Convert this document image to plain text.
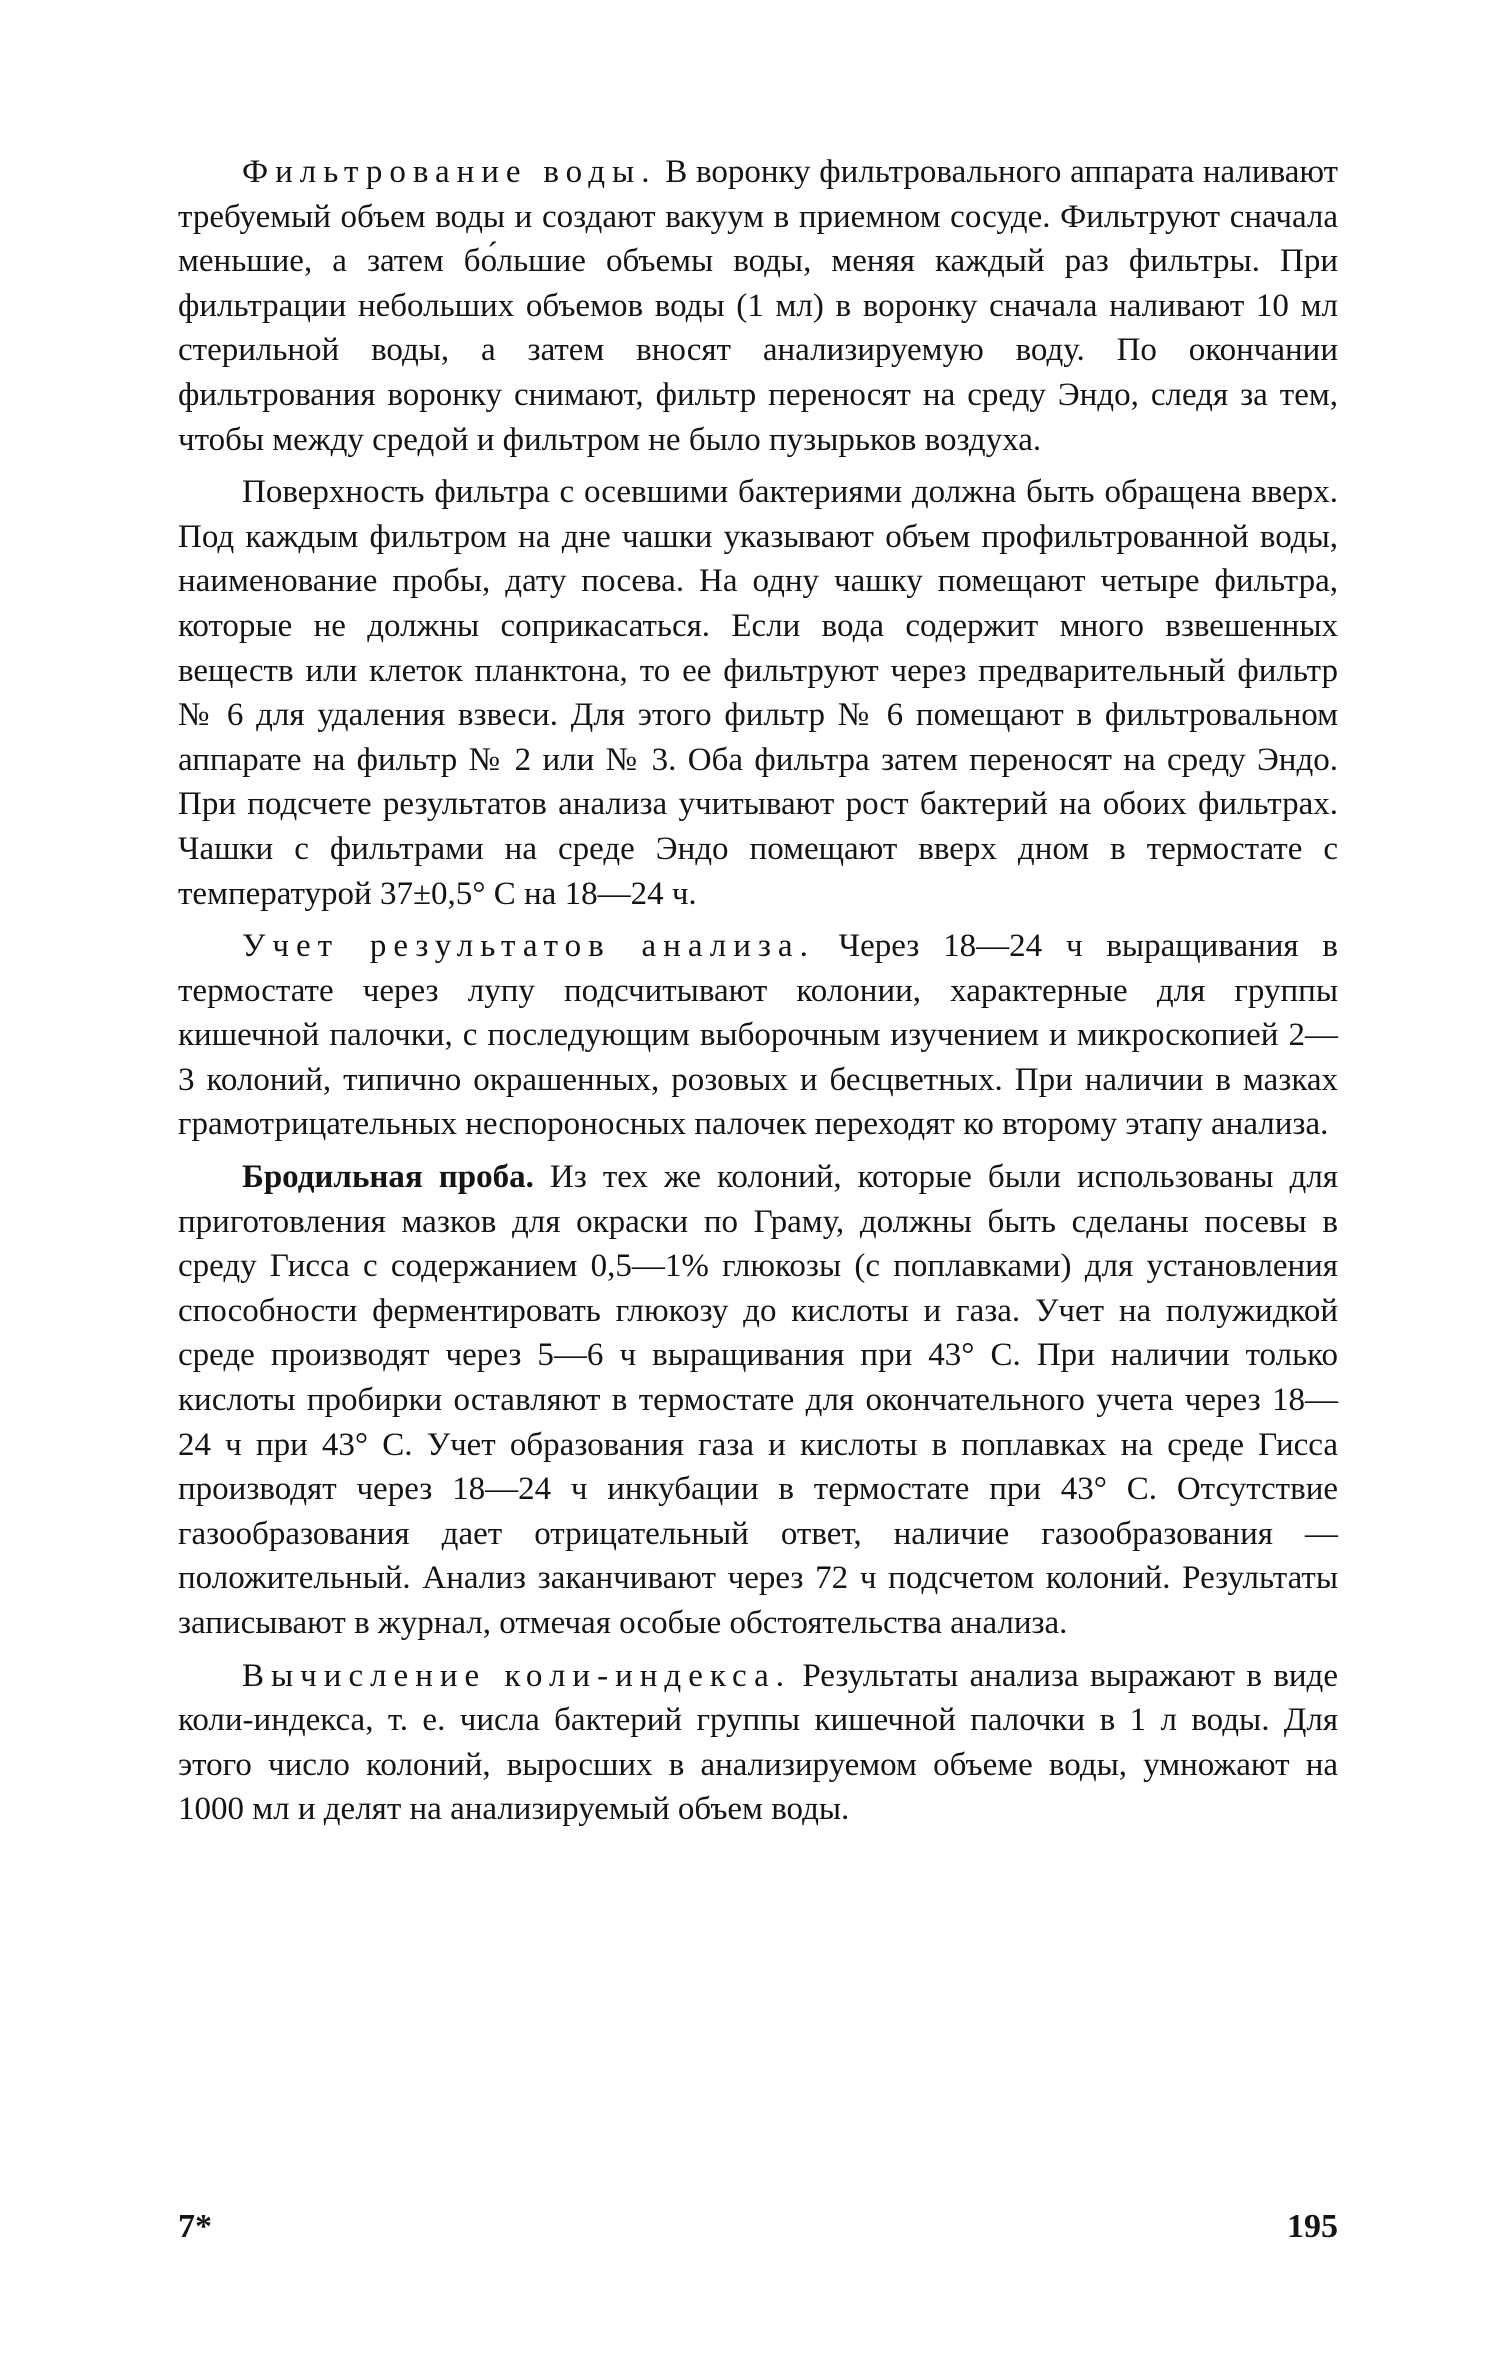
Фильтрование воды. В воронку фильтровального аппарата наливают требуемый объем воды и создают вакуум в приемном сосуде. Фильтруют сначала меньшие, а затем бо́льшие объемы воды, меняя каждый раз фильтры. При фильтрации небольших объемов воды (1 мл) в воронку сначала наливают 10 мл стерильной воды, а затем вносят анализируемую воду. По окончании фильтрования воронку снимают, фильтр переносят на среду Эндо, следя за тем, чтобы между средой и фильтром не было пузырьков воздуха.

Поверхность фильтра с осевшими бактериями должна быть обращена вверх. Под каждым фильтром на дне чашки указывают объем профильтрованной воды, наименование пробы, дату посева. На одну чашку помещают четыре фильтра, которые не должны соприкасаться. Если вода содержит много взвешенных веществ или клеток планктона, то ее фильтруют через предварительный фильтр № 6 для удаления взвеси. Для этого фильтр № 6 помещают в фильтровальном аппарате на фильтр № 2 или № 3. Оба фильтра затем переносят на среду Эндо. При подсчете результатов анализа учитывают рост бактерий на обоих фильтрах. Чашки с фильтрами на среде Эндо помещают вверх дном в термостате с температурой 37±0,5° С на 18—24 ч.

Учет результатов анализа. Через 18—24 ч выращивания в термостате через лупу подсчитывают колонии, характерные для группы кишечной палочки, с последующим выборочным изучением и микроскопией 2—3 колоний, типично окрашенных, розовых и бесцветных. При наличии в мазках грамотрицательных неспороносных палочек переходят ко второму этапу анализа.

Бродильная проба. Из тех же колоний, которые были использованы для приготовления мазков для окраски по Граму, должны быть сделаны посевы в среду Гисса с содержанием 0,5—1% глюкозы (с поплавками) для установления способности ферментировать глюкозу до кислоты и газа. Учет на полужидкой среде производят через 5—6 ч выращивания при 43° С. При наличии только кислоты пробирки оставляют в термостате для окончательного учета через 18—24 ч при 43° С. Учет образования газа и кислоты в поплавках на среде Гисса производят через 18—24 ч инкубации в термостате при 43° С. Отсутствие газообразования дает отрицательный ответ, наличие газообразования — положительный. Анализ заканчивают через 72 ч подсчетом колоний. Результаты записывают в журнал, отмечая особые обстоятельства анализа.

Вычисление коли-индекса. Результаты анализа выражают в виде коли-индекса, т. е. числа бактерий группы кишечной палочки в 1 л воды. Для этого число колоний, выросших в анализируемом объеме воды, умножают на 1000 мл и делят на анализируемый объем воды.

7*	195
